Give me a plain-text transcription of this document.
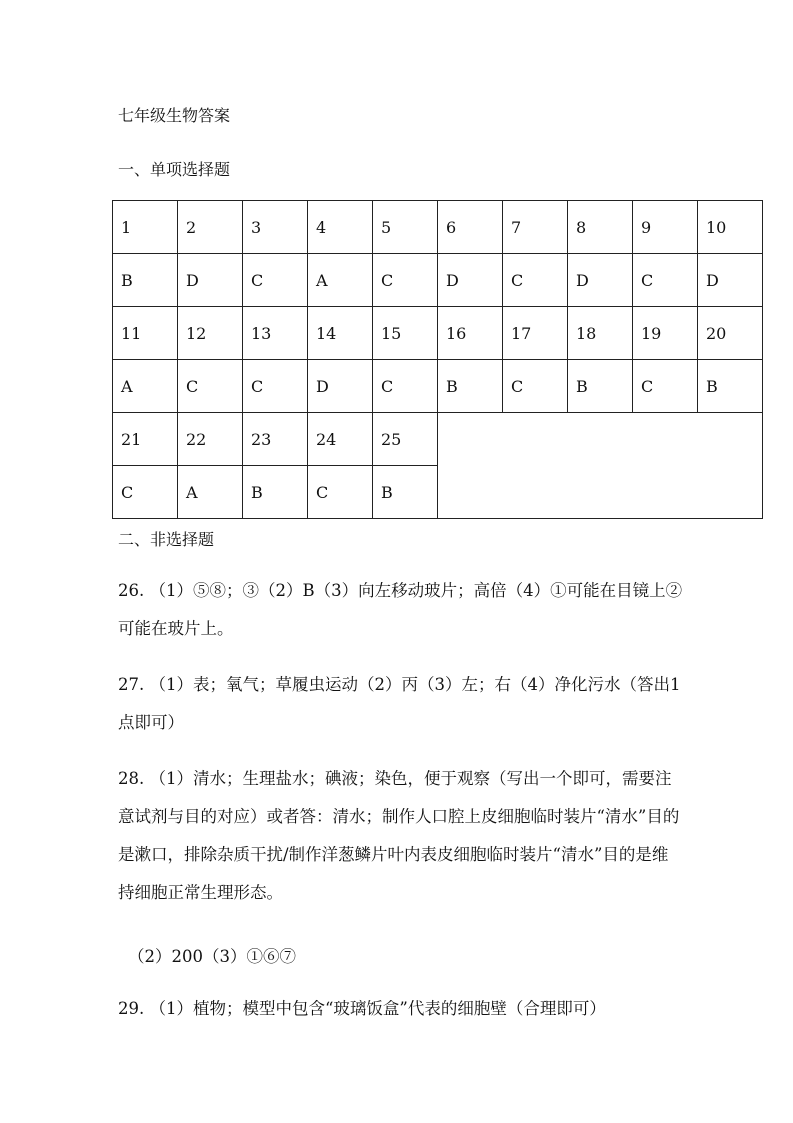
七年级生物答案
一、单项选择题
1	2	3	4	5	6	7	8	9	10
B	D	C	A	C	D	C	D	C	D
11	12	13	14	15	16	17	18	19	20
A	C	C	D	C	B	C	B	C	B
21	22	23	24	25					
C	A	B	C	B					
二、非选择题
26. （1）⑤⑧；③（2）B（3）向左移动玻片；高倍（4）①可能在目镜上②可能在玻片上。
27. （1）表；氧气；草履虫运动（2）丙（3）左；右（4）净化污水（答出1点即可）
28. （1）清水；生理盐水；碘液；染色，便于观察（写出一个即可，需要注意试剂与目的对应）或者答：清水；制作人口腔上皮细胞临时装片“清水”目的是漱口，排除杂质干扰/制作洋葱鳞片叶内表皮细胞临时装片“清水”目的是维持细胞正常生理形态。
（2）200（3）①⑥⑦
29. （1）植物；模型中包含“玻璃饭盒”代表的细胞壁（合理即可）
